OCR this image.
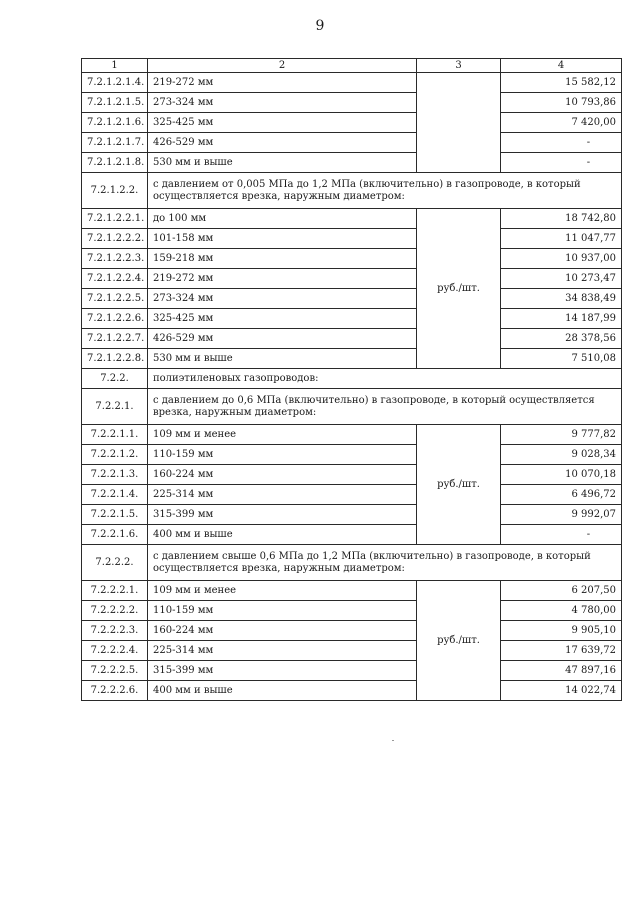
9
1	2	3	4
7.2.1.2.1.4.	219-272 мм		15 582,12
7.2.1.2.1.5.	273-324 мм		10 793,86
7.2.1.2.1.6.	325-425 мм		7 420,00
7.2.1.2.1.7.	426-529 мм		-
7.2.1.2.1.8.	530 мм и выше		-
7.2.1.2.2.	с давлением от 0,005 МПа до 1,2 МПа (включительно) в газопроводе, в который осуществляется врезка, наружным диаметром:		
7.2.1.2.2.1.	до 100 мм	руб./шт.	18 742,80
7.2.1.2.2.2.	101-158 мм		11 047,77
7.2.1.2.2.3.	159-218 мм		10 937,00
7.2.1.2.2.4.	219-272 мм		10 273,47
7.2.1.2.2.5.	273-324 мм		34 838,49
7.2.1.2.2.6.	325-425 мм		14 187,99
7.2.1.2.2.7.	426-529 мм		28 378,56
7.2.1.2.2.8.	530 мм и выше		7 510,08
7.2.2.	полиэтиленовых газопроводов:		
7.2.2.1.	с давлением до 0,6 МПа (включительно) в газопроводе, в который осуществляется врезка, наружным диаметром:		
7.2.2.1.1.	109 мм и менее	руб./шт.	9 777,82
7.2.2.1.2.	110-159 мм		9 028,34
7.2.2.1.3.	160-224 мм		10 070,18
7.2.2.1.4.	225-314 мм		6 496,72
7.2.2.1.5.	315-399 мм		9 992,07
7.2.2.1.6.	400 мм и выше		-
7.2.2.2.	с давлением свыше 0,6 МПа до 1,2 МПа (включительно) в газопроводе, в который осуществляется врезка, наружным диаметром:		
7.2.2.2.1.	109 мм и менее	руб./шт.	6 207,50
7.2.2.2.2.	110-159 мм		4 780,00
7.2.2.2.3.	160-224 мм		9 905,10
7.2.2.2.4.	225-314 мм		17 639,72
7.2.2.2.5.	315-399 мм		47 897,16
7.2.2.2.6.	400 мм и выше		14 022,74
